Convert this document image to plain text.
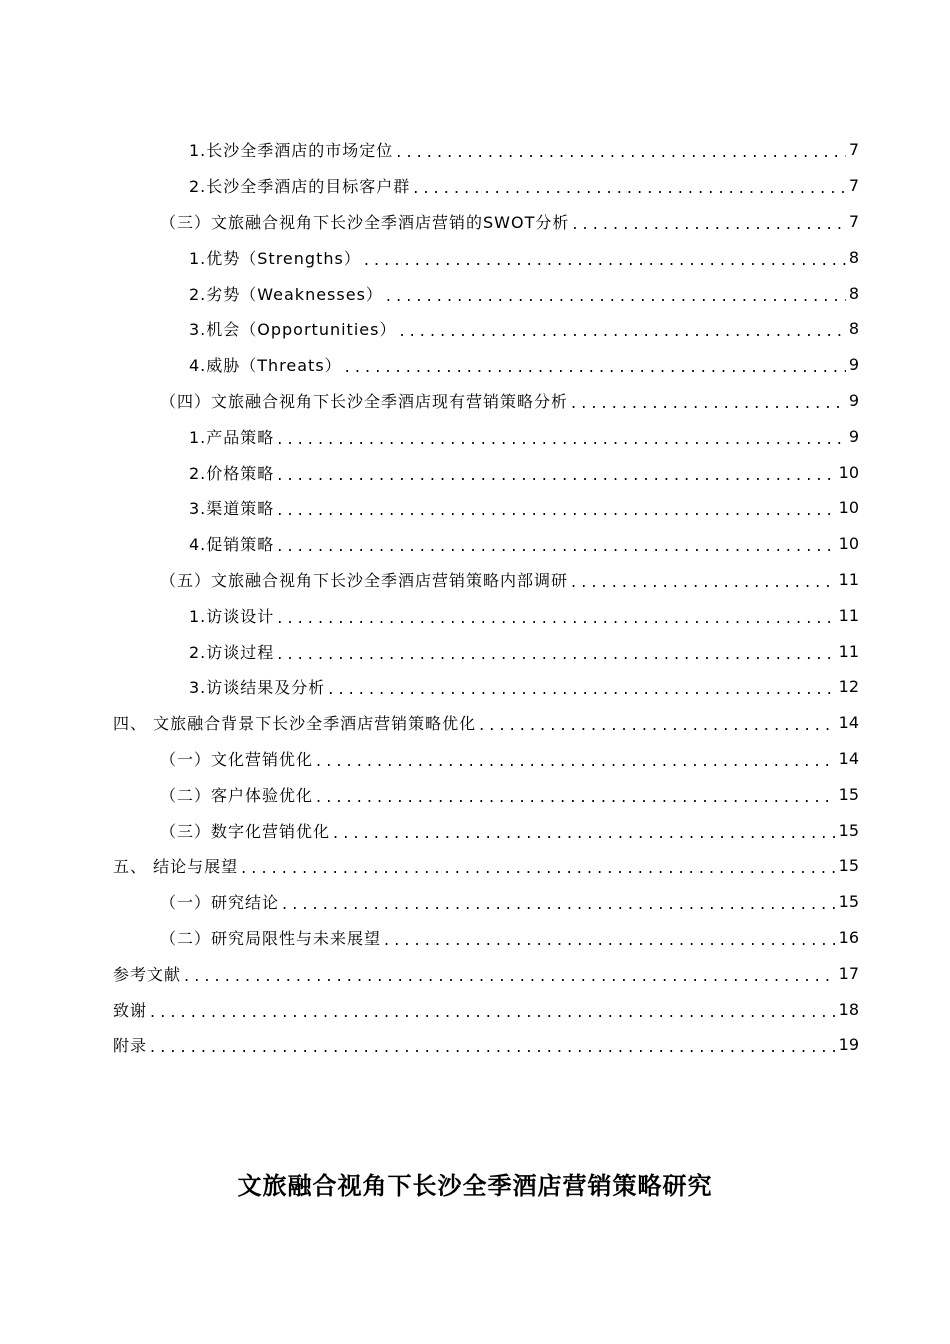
1.长沙全季酒店的市场定位 . . .	7
2.长沙全季酒店的目标客户群 . . .	7
（三）文旅融合视角下长沙全季酒店营销的SWOT分析 . . .	7
1.优势（Strengths） . . .	8
2.劣势（Weaknesses） . . .	8
3.机会（Opportunities） . . .	8
4.威胁（Threats） . . .	9
（四）文旅融合视角下长沙全季酒店现有营销策略分析 . . .	9
1.产品策略 . . .	9
2.价格策略 . . .	10
3.渠道策略 . . .	10
4.促销策略 . . .	10
（五）文旅融合视角下长沙全季酒店营销策略内部调研 . . .	11
1.访谈设计 . . .	11
2.访谈过程 . . .	11
3.访谈结果及分析 . . .	12
四、 文旅融合背景下长沙全季酒店营销策略优化 . . .	14
（一）文化营销优化 . . .	14
（二）客户体验优化 . . .	15
（三）数字化营销优化 . . .	15
五、 结论与展望 . . .	15
（一）研究结论 . . .	15
（二）研究局限性与未来展望 . . .	16
参考文献 . . .	17
致谢 . . .	18
附录 . . .	19
文旅融合视角下长沙全季酒店营销策略研究
